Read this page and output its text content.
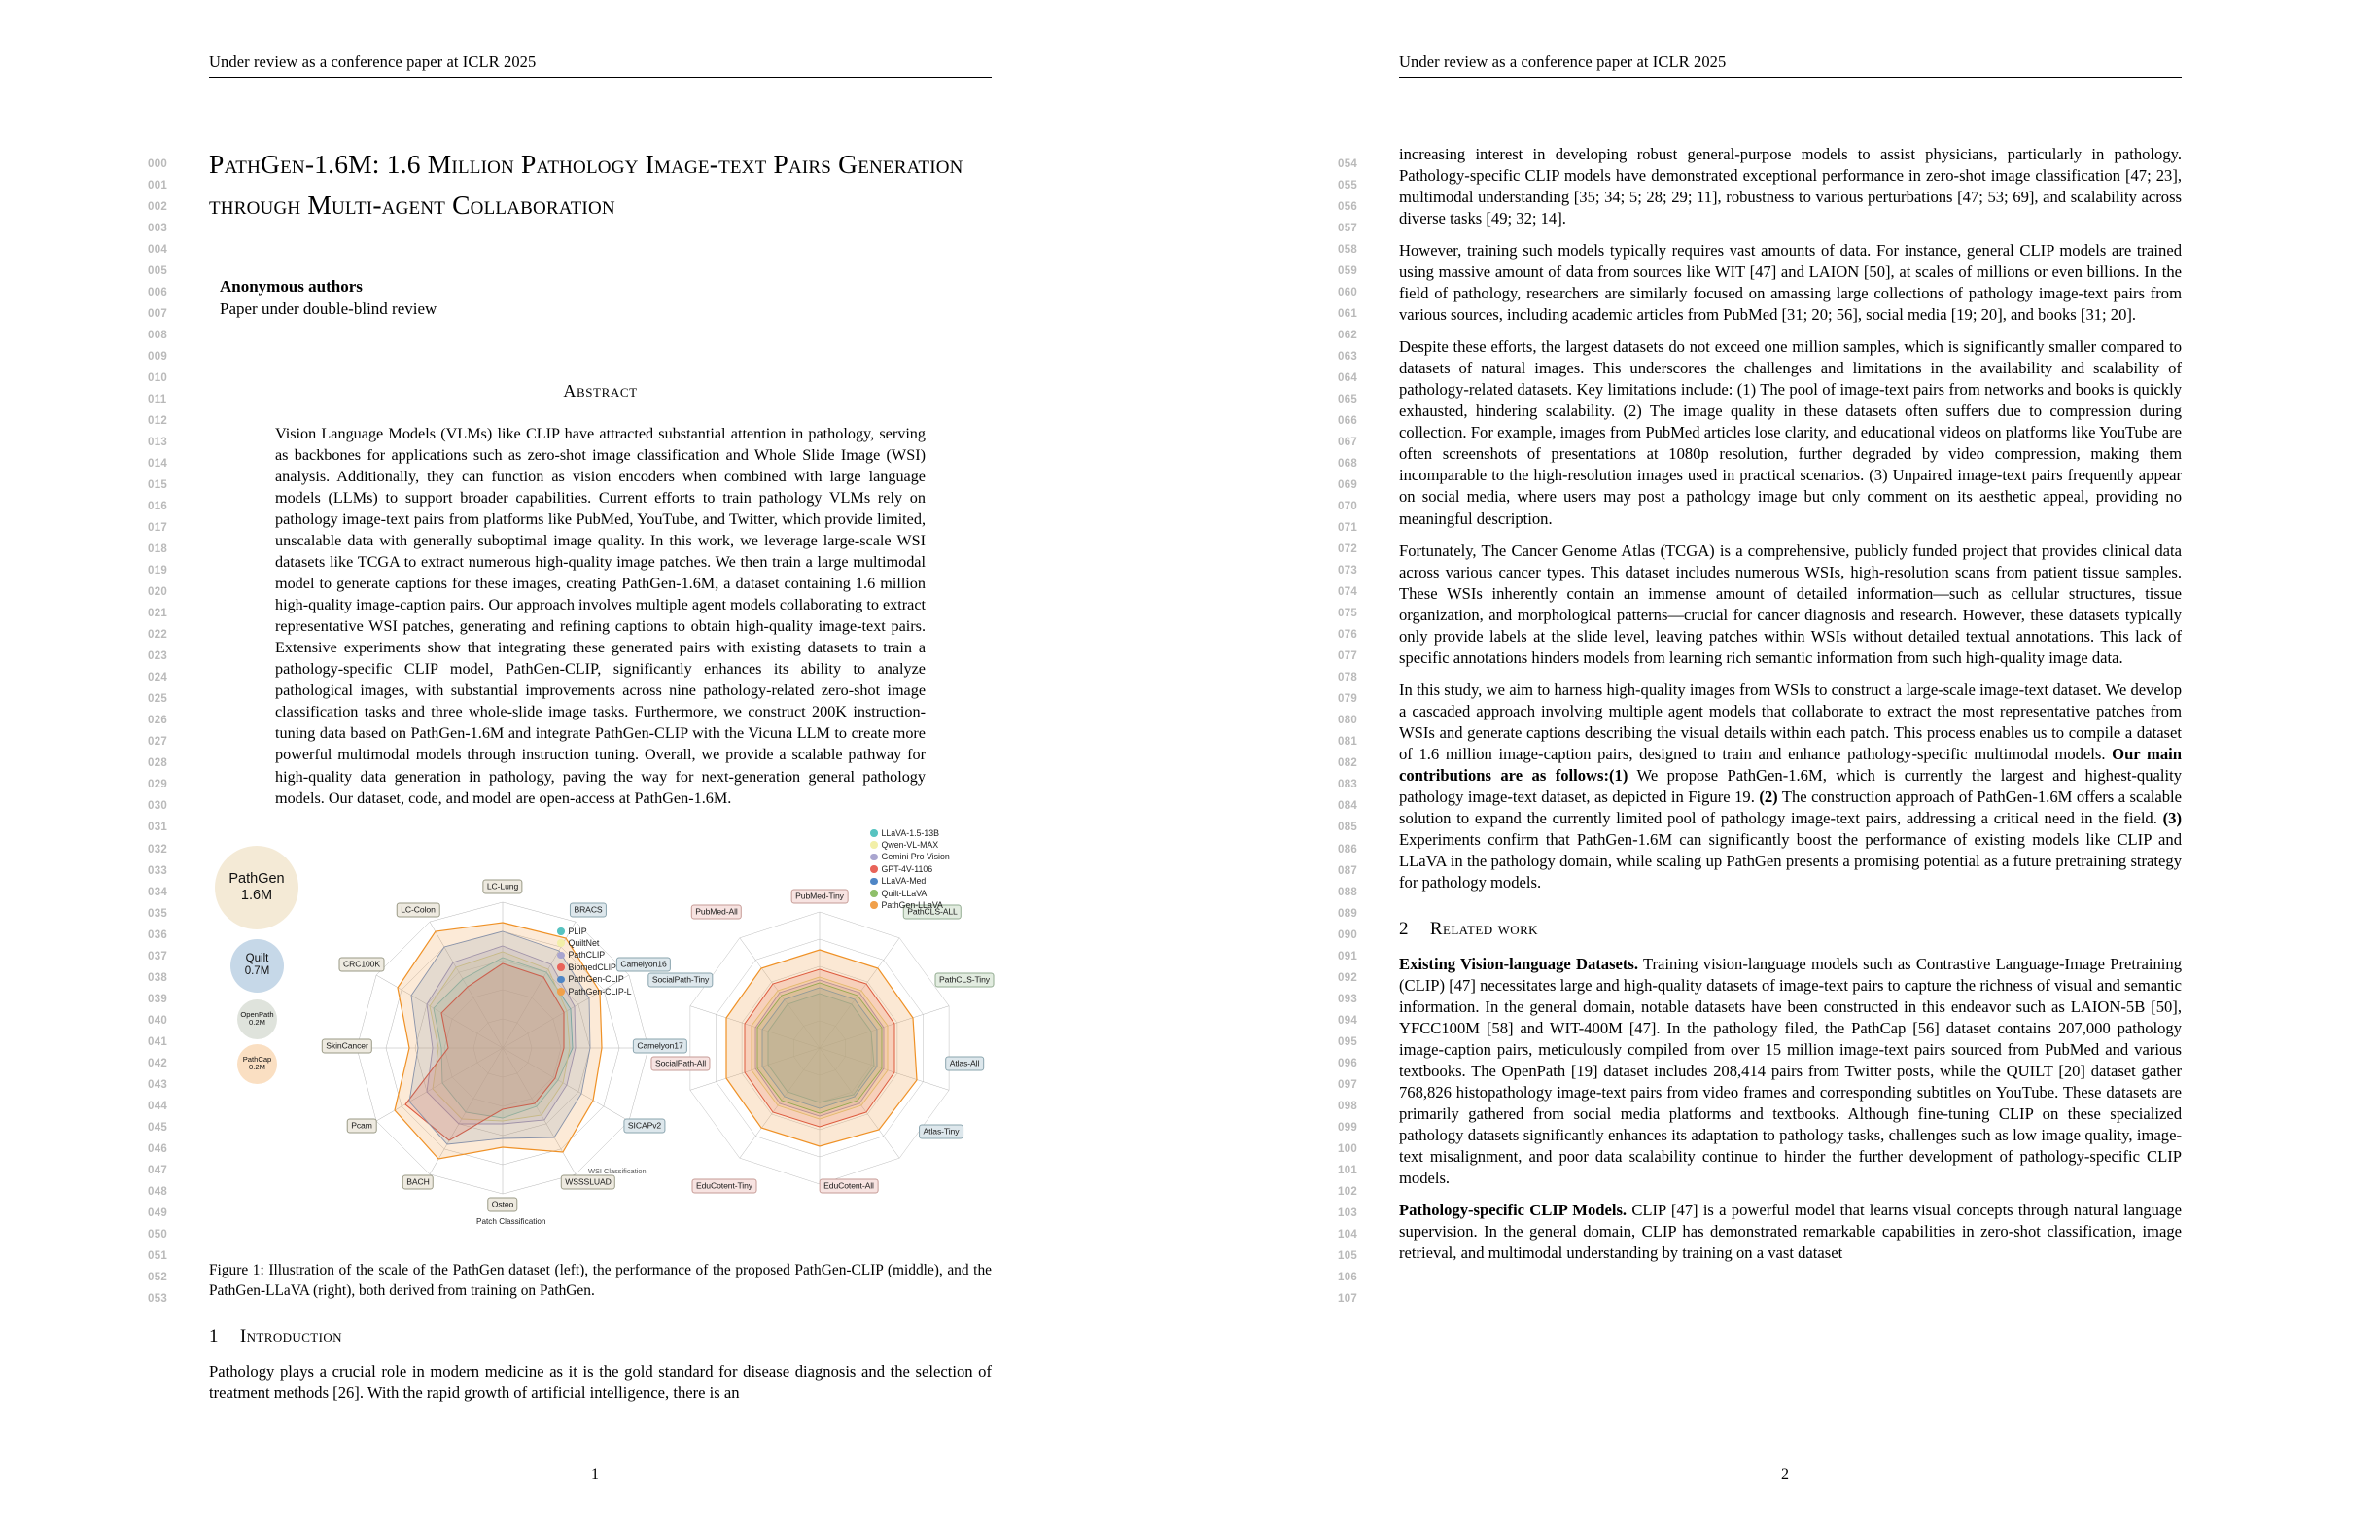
Under review as a conference paper at ICLR 2025
000
001
002
003
004
005
006
007
008
009
010
011
012
013
014
015
016
017
018
019
020
021
022
023
024
025
026
027
028
029
030
031
032
033
034
035
036
037
038
039
040
041
042
043
044
045
046
047
048
049
050
051
052
053
PathGen-1.6M: 1.6 Million Pathology Image-text Pairs Generation through Multi-agent Collaboration
Anonymous authors
Paper under double-blind review
Abstract
Vision Language Models (VLMs) like CLIP have attracted substantial attention in pathology, serving as backbones for applications such as zero-shot image classification and Whole Slide Image (WSI) analysis. Additionally, they can function as vision encoders when combined with large language models (LLMs) to support broader capabilities. Current efforts to train pathology VLMs rely on pathology image-text pairs from platforms like PubMed, YouTube, and Twitter, which provide limited, unscalable data with generally suboptimal image quality. In this work, we leverage large-scale WSI datasets like TCGA to extract numerous high-quality image patches. We then train a large multimodal model to generate captions for these images, creating PathGen-1.6M, a dataset containing 1.6 million high-quality image-caption pairs. Our approach involves multiple agent models collaborating to extract representative WSI patches, generating and refining captions to obtain high-quality image-text pairs. Extensive experiments show that integrating these generated pairs with existing datasets to train a pathology-specific CLIP model, PathGen-CLIP, significantly enhances its ability to analyze pathological images, with substantial improvements across nine pathology-related zero-shot image classification tasks and three whole-slide image tasks. Furthermore, we construct 200K instruction-tuning data based on PathGen-1.6M and integrate PathGen-CLIP with the Vicuna LLM to create more powerful multimodal models through instruction tuning. Overall, we provide a scalable pathway for high-quality data generation in pathology, paving the way for next-generation general pathology models. Our dataset, code, and model are open-access at PathGen-1.6M.
PathGen
1.6M
Quilt
0.7M
OpenPath
0.2M
PathCap
0.2M
LC-Lung
BRACS
Camelyon16
Camelyon17
SICAPv2
WSSSLUAD
Osteo
BACH
Pcam
SkinCancer
CRC100K
LC-Colon
Patch Classification
WSI Classification
PLIP
QuiltNet
PathCLIP
BiomedCLIP
PathGen-CLIP
PathGen-CLIP-L
PubMed-Tiny
PathCLS-ALL
PathCLS-Tiny
Atlas-All
Atlas-Tiny
EduCotent-All
EduCotent-Tiny
SocialPath-All
SocialPath-Tiny
PubMed-All
LLaVA-1.5-13B
Qwen-VL-MAX
Gemini Pro Vision
GPT-4V-1106
LLaVA-Med
Quilt-LLaVA
PathGen-LLaVA
Figure 1: Illustration of the scale of the PathGen dataset (left), the performance of the proposed PathGen-CLIP (middle), and the PathGen-LLaVA (right), both derived from training on PathGen.
1 Introduction

Pathology plays a crucial role in modern medicine as it is the gold standard for disease diagnosis and the selection of treatment methods [26]. With the rapid growth of artificial intelligence, there is an

1
Under review as a conference paper at ICLR 2025
054
055
056
057
058
059
060
061
062
063
064
065
066
067
068
069
070
071
072
073
074
075
076
077
078
079
080
081
082
083
084
085
086
087
088
089
090
091
092
093
094
095
096
097
098
099
100
101
102
103
104
105
106
107

increasing interest in developing robust general-purpose models to assist physicians, particularly in pathology. Pathology-specific CLIP models have demonstrated exceptional performance in zero-shot image classification [47; 23], multimodal understanding [35; 34; 5; 28; 29; 11], robustness to various perturbations [47; 53; 69], and scalability across diverse tasks [49; 32; 14].

However, training such models typically requires vast amounts of data. For instance, general CLIP models are trained using massive amount of data from sources like WIT [47] and LAION [50], at scales of millions or even billions. In the field of pathology, researchers are similarly focused on amassing large collections of pathology image-text pairs from various sources, including academic articles from PubMed [31; 20; 56], social media [19; 20], and books [31; 20].

Despite these efforts, the largest datasets do not exceed one million samples, which is significantly smaller compared to datasets of natural images. This underscores the challenges and limitations in the availability and scalability of pathology-related datasets. Key limitations include: (1) The pool of image-text pairs from networks and books is quickly exhausted, hindering scalability. (2) The image quality in these datasets often suffers due to compression during collection. For example, images from PubMed articles lose clarity, and educational videos on platforms like YouTube are often screenshots of presentations at 1080p resolution, further degraded by video compression, making them incomparable to the high-resolution images used in practical scenarios. (3) Unpaired image-text pairs frequently appear on social media, where users may post a pathology image but only comment on its aesthetic appeal, providing no meaningful description.

Fortunately, The Cancer Genome Atlas (TCGA) is a comprehensive, publicly funded project that provides clinical data across various cancer types. This dataset includes numerous WSIs, high-resolution scans from patient tissue samples. These WSIs inherently contain an immense amount of detailed information—such as cellular structures, tissue organization, and morphological patterns—crucial for cancer diagnosis and research. However, these datasets typically only provide labels at the slide level, leaving patches within WSIs without detailed textual annotations. This lack of specific annotations hinders models from learning rich semantic information from such high-quality image data.

In this study, we aim to harness high-quality images from WSIs to construct a large-scale image-text dataset. We develop a cascaded approach involving multiple agent models that collaborate to extract the most representative patches from WSIs and generate captions describing the visual details within each patch. This process enables us to compile a dataset of 1.6 million image-caption pairs, designed to train and enhance pathology-specific multimodal models. Our main contributions are as follows:(1) We propose PathGen-1.6M, which is currently the largest and highest-quality pathology image-text dataset, as depicted in Figure 19. (2) The construction approach of PathGen-1.6M offers a scalable solution to expand the currently limited pool of pathology image-text pairs, addressing a critical need in the field. (3) Experiments confirm that PathGen-1.6M can significantly boost the performance of existing models like CLIP and LLaVA in the pathology domain, while scaling up PathGen presents a promising potential as a future pretraining strategy for pathology models.

2 Related work

Existing Vision-language Datasets. Training vision-language models such as Contrastive Language-Image Pretraining (CLIP) [47] necessitates large and high-quality datasets of image-text pairs to capture the richness of visual and semantic information. In the general domain, notable datasets have been constructed in this endeavor such as LAION-5B [50], YFCC100M [58] and WIT-400M [47]. In the pathology filed, the PathCap [56] dataset contains 207,000 pathology image-caption pairs, meticulously compiled from over 15 million image-text pairs sourced from PubMed and various textbooks. The OpenPath [19] dataset includes 208,414 pairs from Twitter posts, while the QUILT [20] dataset gather 768,826 histopathology image-text pairs from video frames and corresponding subtitles on YouTube. These datasets are primarily gathered from social media platforms and textbooks. Although fine-tuning CLIP on these specialized pathology datasets significantly enhances its adaptation to pathology tasks, challenges such as low image quality, image-text misalignment, and poor data scalability continue to hinder the further development of pathology-specific CLIP models.

Pathology-specific CLIP Models. CLIP [47] is a powerful model that learns visual concepts through natural language supervision. In the general domain, CLIP has demonstrated remarkable capabilities in zero-shot classification, image retrieval, and multimodal understanding by training on a vast dataset

2
